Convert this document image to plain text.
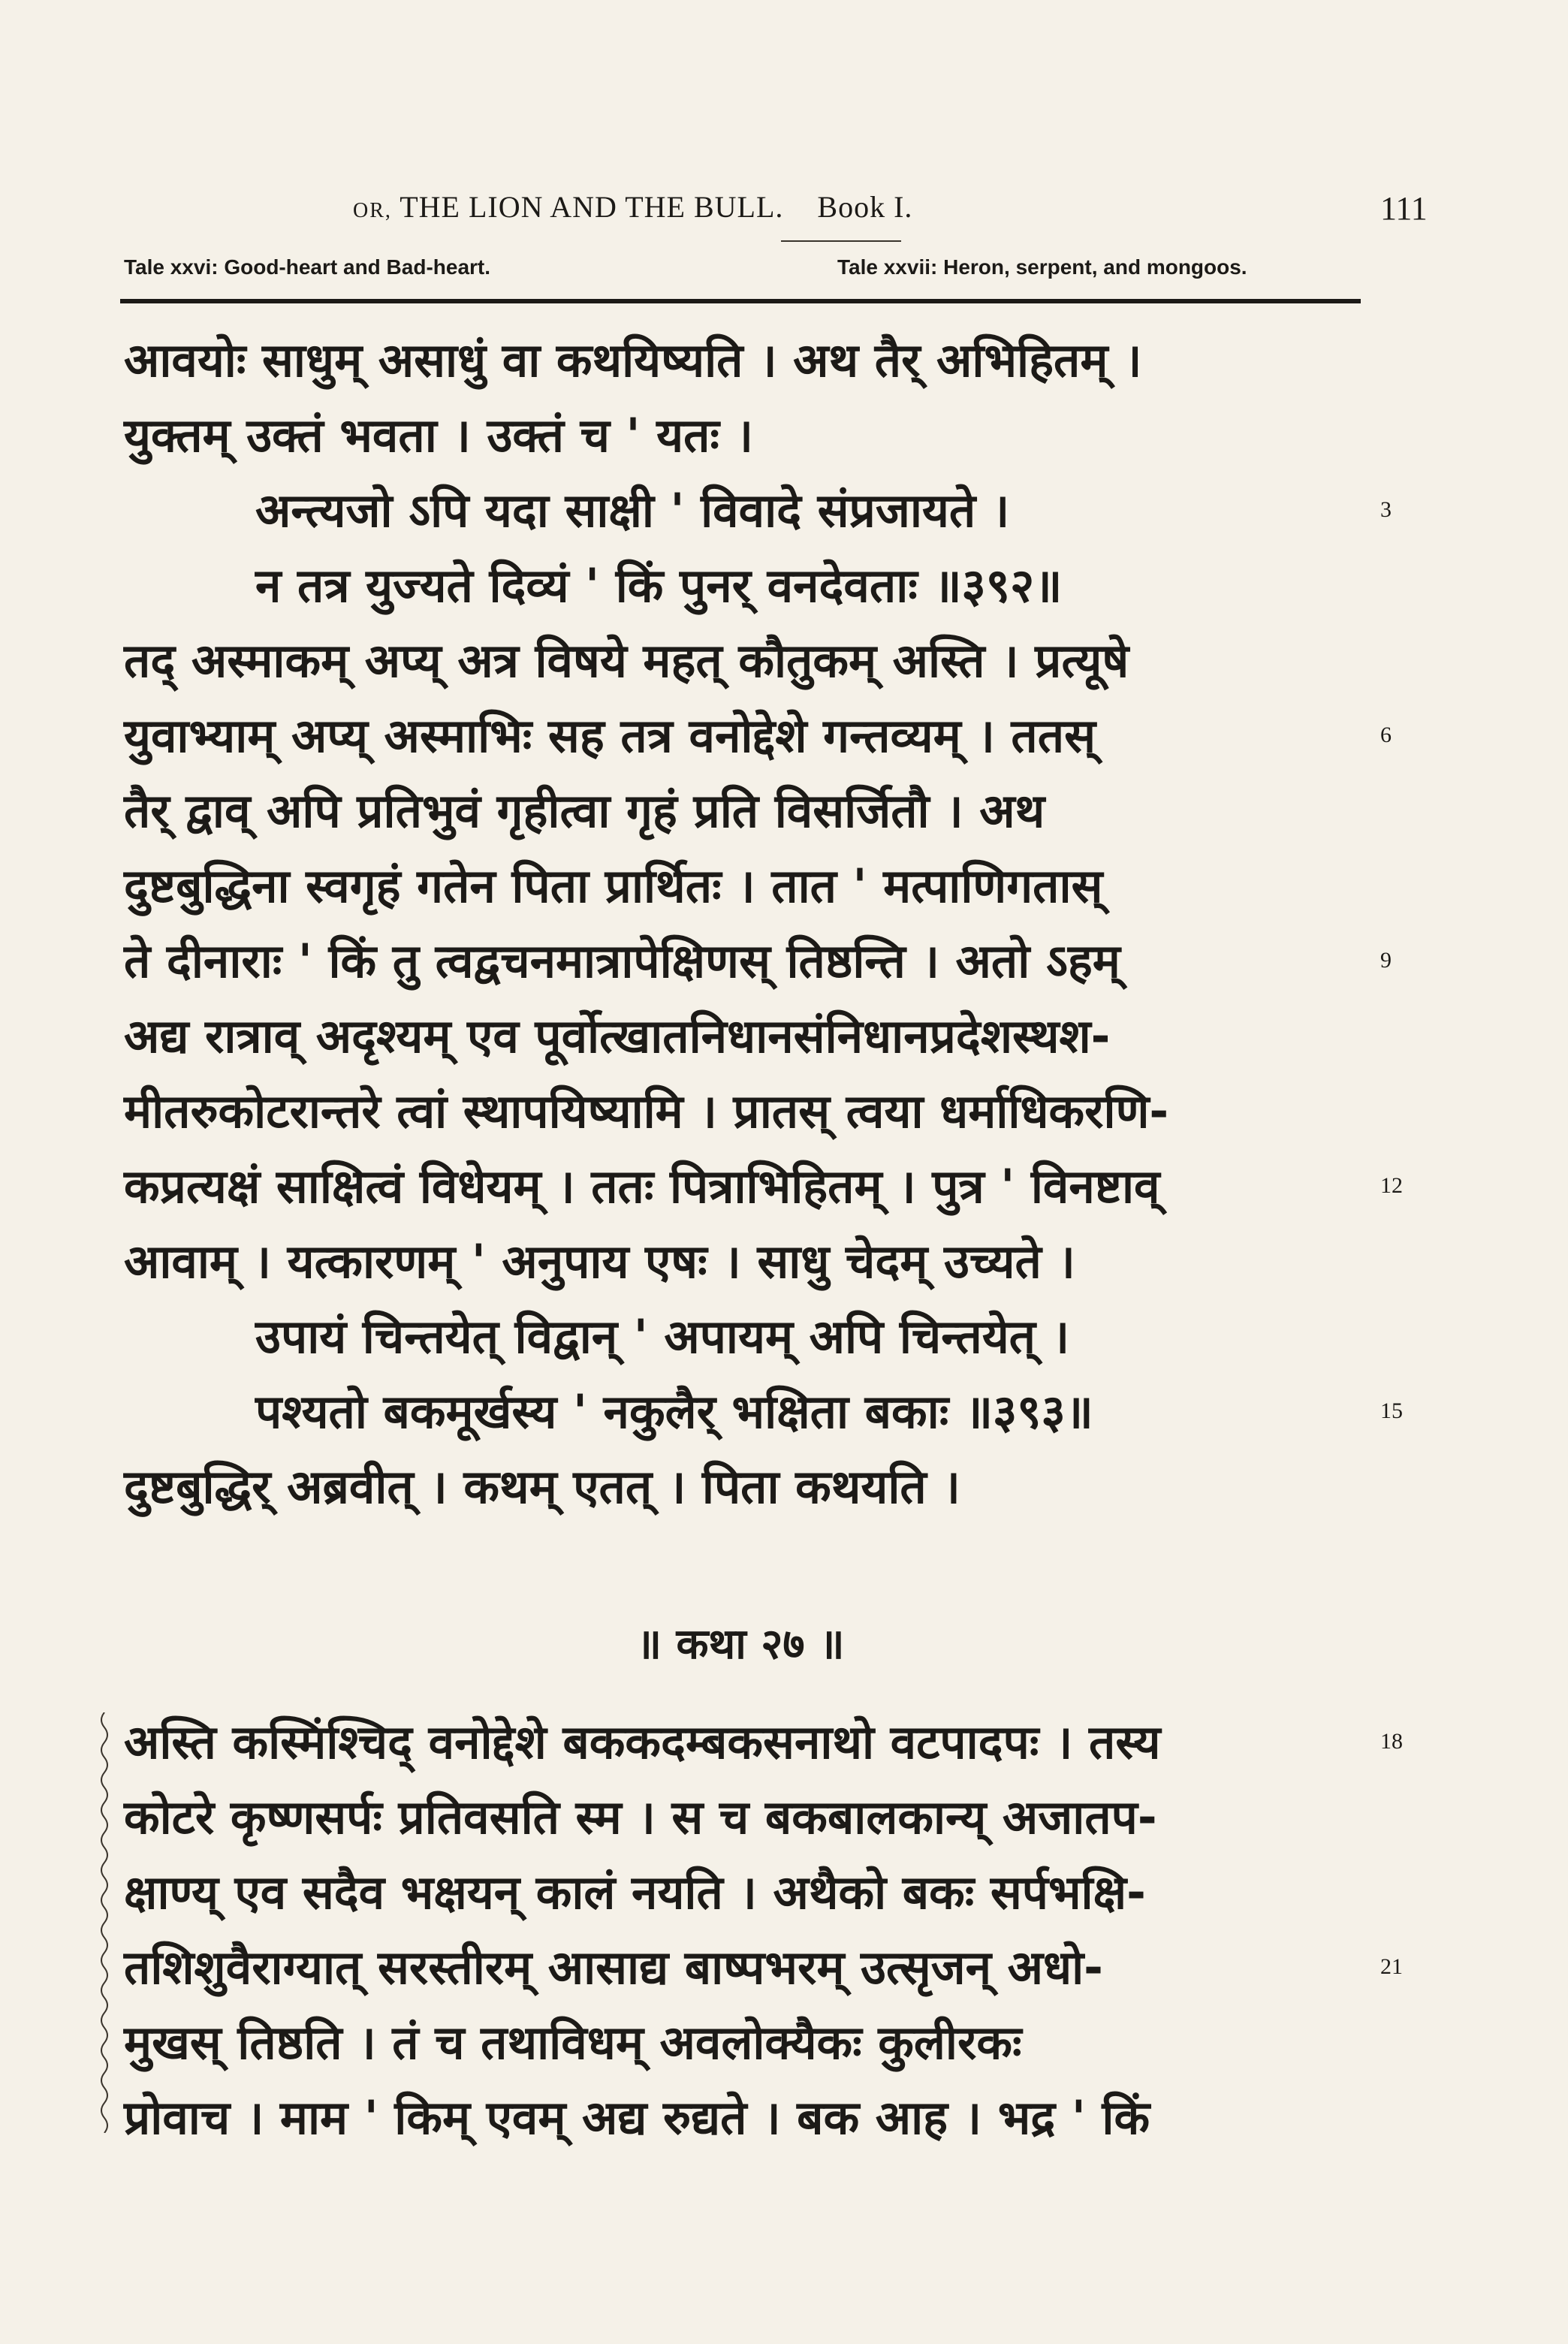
OR, THE LION AND THE BULL. Book I.	111
Tale xxvi: Good-heart and Bad-heart.	Tale xxvii: Heron, serpent, and mongoos.
आवयोः साधुम् असाधुं वा कथयिष्यति । अथ तैर् अभिहितम् ।
युक्तम् उक्तं भवता । उक्तं च ' यतः ।
अन्त्यजो ऽपि यदा साक्षी ' विवादे संप्रजायते ।	3
न तत्र युज्यते दिव्यं ' किं पुनर् वनदेवताः ॥३९२॥
तद् अस्माकम् अप्य् अत्र विषये महत् कौतुकम् अस्ति । प्रत्यूषे
युवाभ्याम् अप्य् अस्माभिः सह तत्र वनोद्देशे गन्तव्यम् । ततस्	6
तैर् द्वाव् अपि प्रतिभुवं गृहीत्वा गृहं प्रति विसर्जितौ । अथ
दुष्टबुद्धिना स्वगृहं गतेन पिता प्रार्थितः । तात ' मत्पाणिगतास्
ते दीनाराः ' किं तु त्वद्वचनमात्रापेक्षिणस् तिष्ठन्ति । अतो ऽहम्	9
अद्य रात्राव् अदृश्यम् एव पूर्वोत्खातनिधानसंनिधानप्रदेशस्थश-
मीतरुकोटरान्तरे त्वां स्थापयिष्यामि । प्रातस् त्वया धर्माधिकरणि-
कप्रत्यक्षं साक्षित्वं विधेयम् । ततः पित्राभिहितम् । पुत्र ' विनष्टाव्	12
आवाम् । यत्कारणम् ' अनुपाय एषः । साधु चेदम् उच्यते ।
उपायं चिन्तयेत् विद्वान् ' अपायम् अपि चिन्तयेत् ।
पश्यतो बकमूर्खस्य ' नकुलैर् भक्षिता बकाः ॥३९३॥	15
दुष्टबुद्धिर् अब्रवीत् । कथम् एतत् । पिता कथयति ।
॥ कथा २७ ॥
अस्ति कस्मिंश्चिद् वनोद्देशे बककदम्बकसनाथो वटपादपः । तस्य	18
कोटरे कृष्णसर्पः प्रतिवसति स्म । स च बकबालकान्य् अजातप-
क्षाण्य् एव सदैव भक्षयन् कालं नयति । अथैको बकः सर्पभक्षि-
तशिशुवैराग्यात् सरस्तीरम् आसाद्य बाष्पभरम् उत्सृजन् अधो-	21
मुखस् तिष्ठति । तं च तथाविधम् अवलोक्यैकः कुलीरकः
प्रोवाच । माम ' किम् एवम् अद्य रुद्यते । बक आह । भद्र ' किं
